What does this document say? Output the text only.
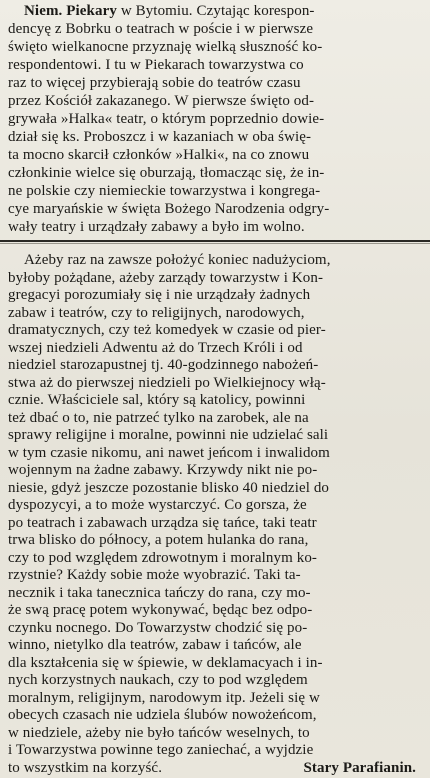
Niem. Piekary w Bytomiu. Czytając korespon-
dencyę z Bobrku o teatrach w poście i w pierwsze
święto wielkanocne przyznaję wielką słuszność ko-
respondentowi. I tu w Piekarach towarzystwa co
raz to więcej przybierają sobie do teatrów czasu
przez Kościół zakazanego. W pierwsze święto od-
grywała »Halka« teatr, o którym poprzednio dowie-
dział się ks. Proboszcz i w kazaniach w oba świę-
ta mocno skarcił członków »Halki«, na co znowu
członkinie wielce się oburzają, tłomacząc się, że in-
ne polskie czy niemieckie towarzystwa i kongrega-
cye maryańskie w święta Bożego Narodzenia odgry-
wały teatry i urządzały zabawy a było im wolno.
Ażeby raz na zawsze położyć koniec nadużyciom,
byłoby pożądane, ażeby zarządy towarzystw i Kon-
gregacyi porozumiały się i nie urządzały żadnych
zabaw i teatrów, czy to religijnych, narodowych,
dramatycznych, czy też komedyek w czasie od pier-
wszej niedzieli Adwentu aż do Trzech Króli i od
niedziel starozapustnej tj. 40-godzinnego nabożeń-
stwa aż do pierwszej niedzieli po Wielkiejnocy włą-
cznie. Właściciele sal, który są katolicy, powinni
też dbać o to, nie patrzeć tylko na zarobek, ale na
sprawy religijne i moralne, powinni nie udzielać sali
w tym czasie nikomu, ani nawet jeńcom i inwalidom
wojennym na żadne zabawy. Krzywdy nikt nie po-
niesie, gdyż jeszcze pozostanie blisko 40 niedziel do
dyspozycyi, a to może wystarczyć. Co gorsza, że
po teatrach i zabawach urządza się tańce, taki teatr
trwa blisko do północy, a potem hulanka do rana,
czy to pod względem zdrowotnym i moralnym ko-
rzystnie? Każdy sobie może wyobrazić. Taki ta-
necznik i taka tanecznica tańczy do rana, czy mo-
że swą pracę potem wykonywać, będąc bez odpo-
czynku nocnego. Do Towarzystw chodzić się po-
winno, nietylko dla teatrów, zabaw i tańców, ale
dla kształcenia się w śpiewie, w deklamacyach i in-
nych korzystnych naukach, czy to pod względem
moralnym, religijnym, narodowym itp. Jeżeli się w
obecych czasach nie udziela ślubów nowożeńcom,
w niedziele, ażeby nie było tańców weselnych, to
i Towarzystwa powinne tego zaniechać, a wyjdzie
to wszystkim na korzyść.	Stary Parafianin.
